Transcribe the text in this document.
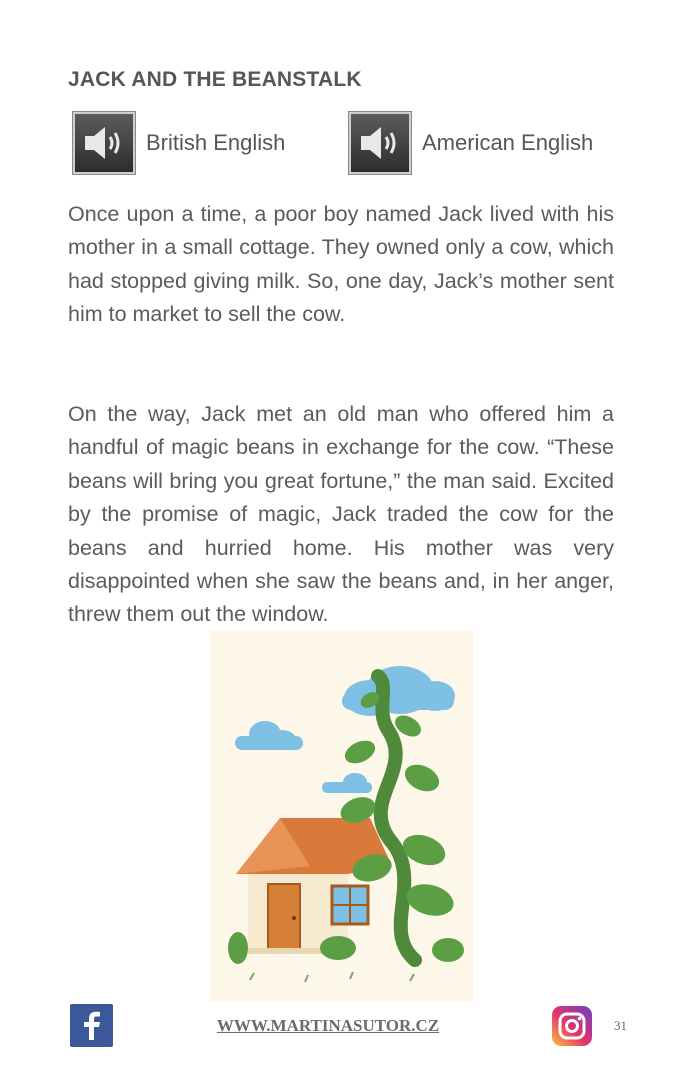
JACK AND THE BEANSTALK
British English	American English

Once upon a time, a poor boy named Jack lived with his mother in a small cottage. They owned only a cow, which had stopped giving milk. So, one day, Jack’s mother sent him to market to sell the cow.

On the way, Jack met an old man who offered him a handful of magic beans in exchange for the cow. “These beans will bring you great fortune,” the man said. Excited by the promise of magic, Jack traded the cow for the beans and hurried home. His mother was very disappointed when she saw the beans and, in her anger, threw them out the window.

WWW.MARTINASUTOR.CZ	31
